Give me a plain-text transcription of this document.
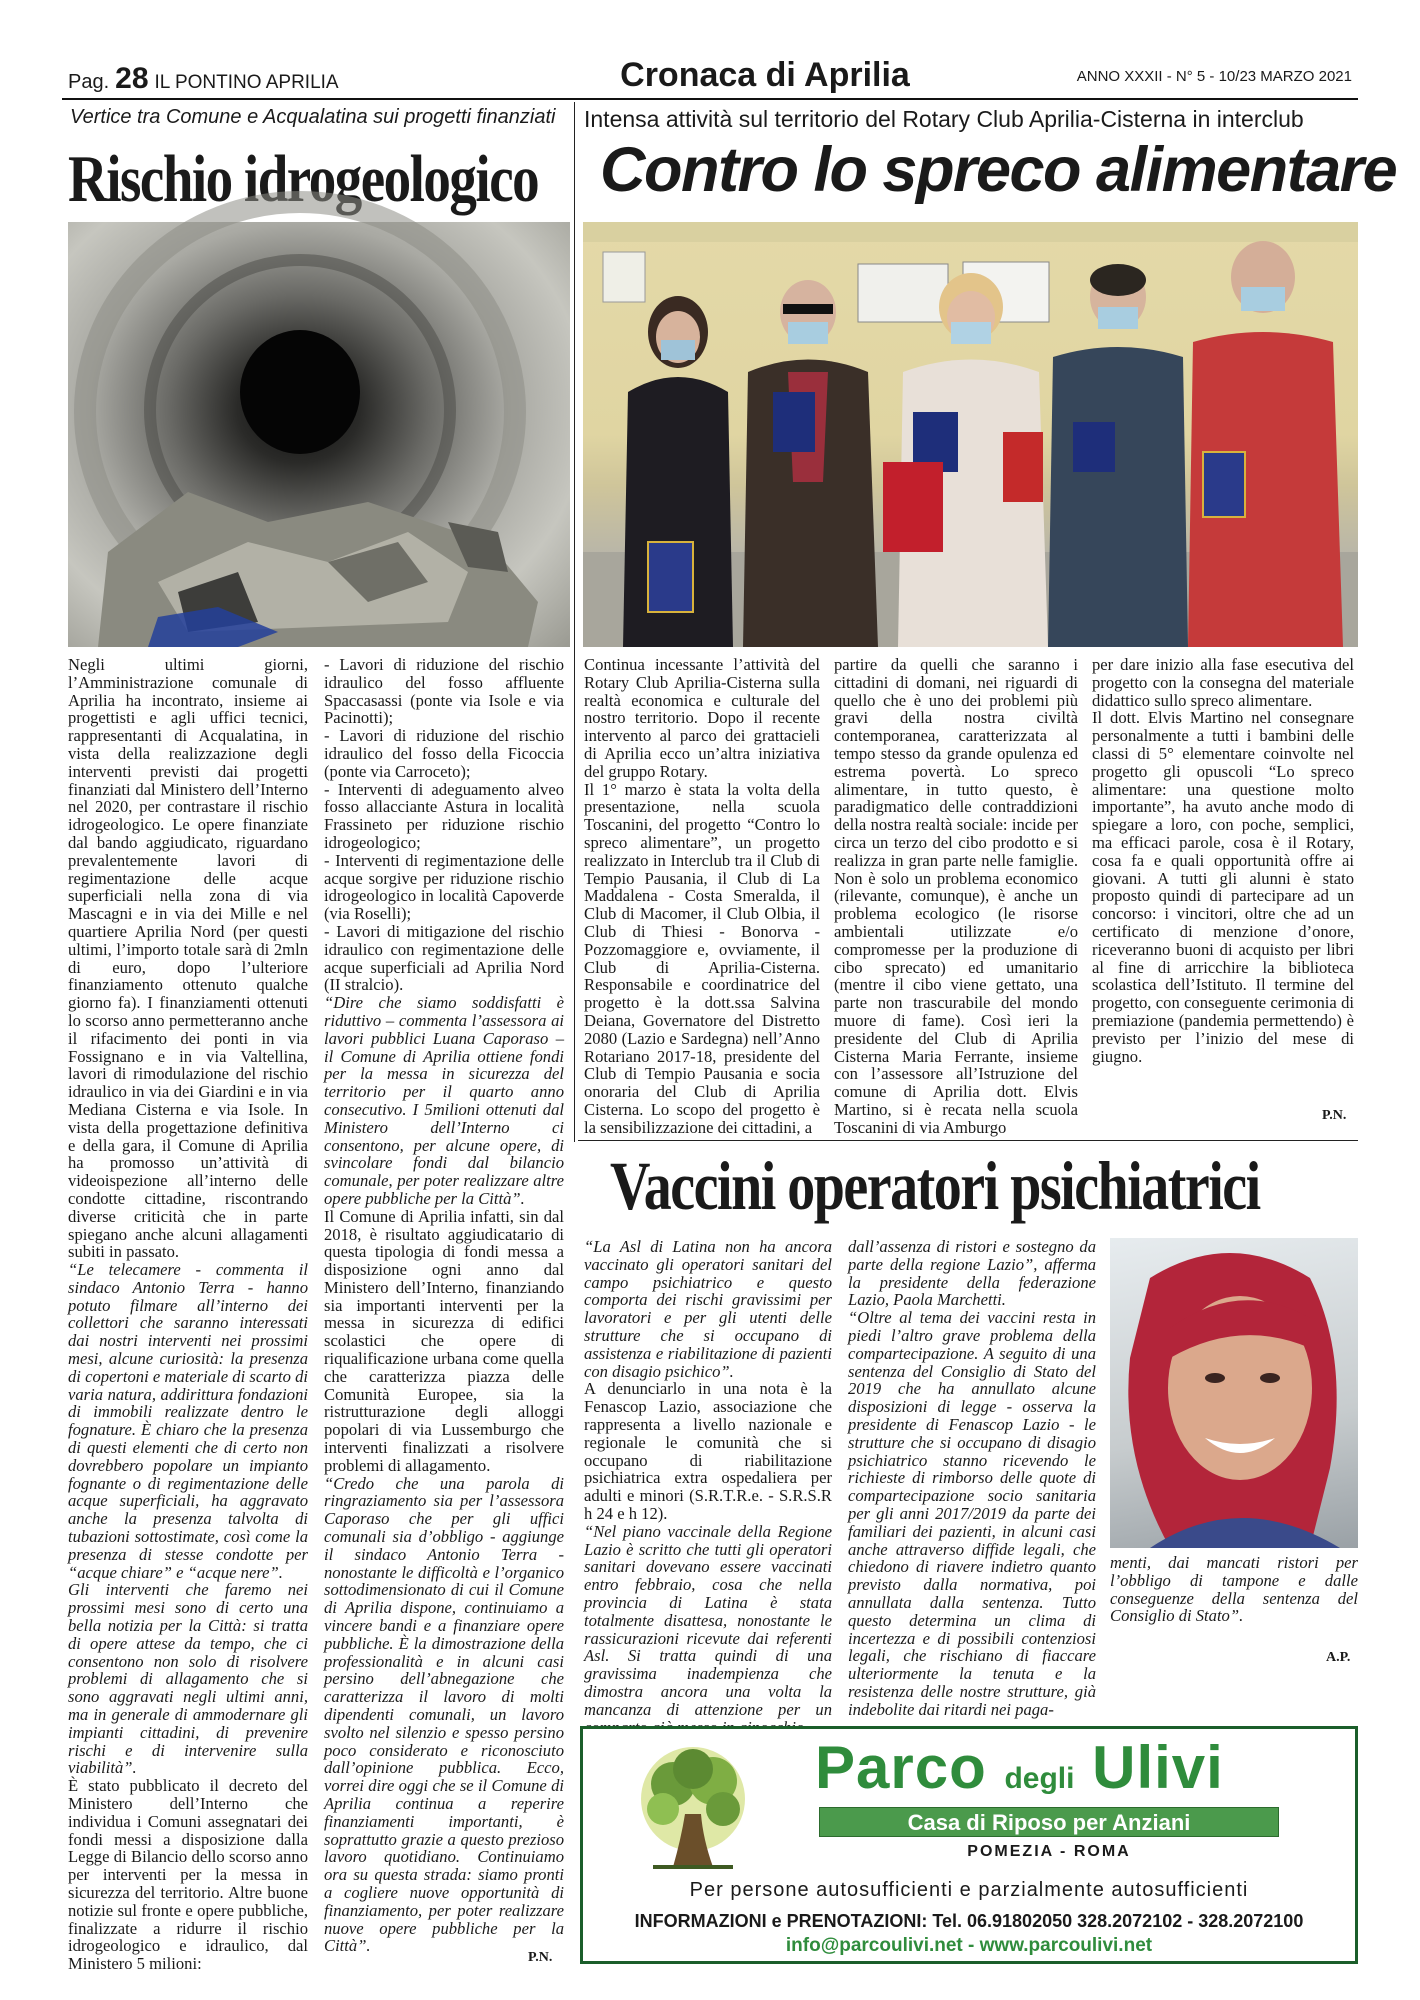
Pag. 28 IL PONTINO APRILIA	Cronaca di Aprilia	ANNO XXXII - N° 5 - 10/23 MARZO 2021
Vertice tra Comune e Acqualatina sui progetti finanziati
Rischio idrogeologico

Negli ultimi giorni, l’Amministrazione comunale di Aprilia ha incontrato, insieme ai progettisti e agli uffici tecnici, rappresentanti di Acqualatina, in vista della realizzazione degli interventi previsti dai progetti finanziati dal Ministero dell’Interno nel 2020, per contrastare il rischio idrogeologico. Le opere finanziate dal bando aggiudicato, riguardano prevalentemente lavori di regimentazione delle acque superficiali nella zona di via Mascagni e in via dei Mille e nel quartiere Aprilia Nord (per questi ultimi, l’importo totale sarà di 2mln di euro, dopo l’ulteriore finanziamento ottenuto qualche giorno fa). I finanziamenti ottenuti lo scorso anno permetteranno anche il rifacimento dei ponti in via Fossignano e in via Valtellina, lavori di rimodulazione del rischio idraulico in via dei Giardini e in via Mediana Cisterna e via Isole. In vista della progettazione definitiva e della gara, il Comune di Aprilia ha promosso un’attività di videoispezione all’interno delle condotte cittadine, riscontrando diverse criticità che in parte spiegano anche alcuni allagamenti subiti in passato.

“Le telecamere - commenta il sindaco Antonio Terra - hanno potuto filmare all’interno dei collettori che saranno interessati dai nostri interventi nei prossimi mesi, alcune curiosità: la presenza di copertoni e materiale di scarto di varia natura, addirittura fondazioni di immobili realizzate dentro le fognature. È chiaro che la presenza di questi elementi che di certo non dovrebbero popolare un impianto fognante o di regimentazione delle acque superficiali, ha aggravato anche la presenza talvolta di tubazioni sottostimate, così come la presenza di stesse condotte per “acque chiare” e “acque nere”.

Gli interventi che faremo nei prossimi mesi sono di certo una bella notizia per la Città: si tratta di opere attese da tempo, che ci consentono non solo di risolvere problemi di allagamento che si sono aggravati negli ultimi anni, ma in generale di ammodernare gli impianti cittadini, di prevenire rischi e di intervenire sulla viabilità”.

È stato pubblicato il decreto del Ministero dell’Interno che individua i Comuni assegnatari dei fondi messi a disposizione dalla Legge di Bilancio dello scorso anno per interventi per la messa in sicurezza del territorio. Altre buone notizie sul fronte e opere pubbliche, finalizzate a ridurre il rischio idrogeologico e idraulico, dal Ministero 5 milioni:

- Lavori di riduzione del rischio idraulico del fosso affluente Spaccasassi (ponte via Isole e via Pacinotti);

- Lavori di riduzione del rischio idraulico del fosso della Ficoccia (ponte via Carroceto);

- Interventi di adeguamento alveo fosso allacciante Astura in località Frassineto per riduzione rischio idrogeologico;

- Interventi di regimentazione delle acque sorgive per riduzione rischio idrogeologico in località Capoverde (via Roselli);

- Lavori di mitigazione del rischio idraulico con regimentazione delle acque superficiali ad Aprilia Nord (II stralcio).

“Dire che siamo soddisfatti è riduttivo – commenta l’assessora ai lavori pubblici Luana Caporaso – il Comune di Aprilia ottiene fondi per la messa in sicurezza del territorio per il quarto anno consecutivo. I 5milioni ottenuti dal Ministero dell’Interno ci consentono, per alcune opere, di svincolare fondi dal bilancio comunale, per poter realizzare altre opere pubbliche per la Città”.

Il Comune di Aprilia infatti, sin dal 2018, è risultato aggiudicatario di questa tipologia di fondi messa a disposizione ogni anno dal Ministero dell’Interno, finanziando sia importanti interventi per la messa in sicurezza di edifici scolastici che opere di riqualificazione urbana come quella che caratterizza piazza delle Comunità Europee, sia la ristrutturazione degli alloggi popolari di via Lussemburgo che interventi finalizzati a risolvere problemi di allagamento.

“Credo che una parola di ringraziamento sia per l’assessora Caporaso che per gli uffici comunali sia d’obbligo - aggiunge il sindaco Antonio Terra - nonostante le difficoltà e l’organico sottodimensionato di cui il Comune di Aprilia dispone, continuiamo a vincere bandi e a finanziare opere pubbliche. È la dimostrazione della professionalità e in alcuni casi persino dell’abnegazione che caratterizza il lavoro di molti dipendenti comunali, un lavoro svolto nel silenzio e spesso persino poco considerato e riconosciuto dall’opinione pubblica. Ecco, vorrei dire oggi che se il Comune di Aprilia continua a reperire finanziamenti importanti, è soprattutto grazie a questo prezioso lavoro quotidiano. Continuiamo ora su questa strada: siamo pronti a cogliere nuove opportunità di finanziamento, per poter realizzare nuove opere pubbliche per la Città”.

P.N.
Intensa attività sul territorio del Rotary Club Aprilia-Cisterna in interclub
Contro lo spreco alimentare

Continua incessante l’attività del Rotary Club Aprilia-Cisterna sulla realtà economica e culturale del nostro territorio. Dopo il recente intervento al parco dei grattacieli di Aprilia ecco un’altra iniziativa del gruppo Rotary.

Il 1° marzo è stata la volta della presentazione, nella scuola Toscanini, del progetto “Contro lo spreco alimentare”, un progetto realizzato in Interclub tra il Club di Tempio Pausania, il Club di La Maddalena - Costa Smeralda, il Club di Macomer, il Club Olbia, il Club di Thiesi - Bonorva - Pozzomaggiore e, ovviamente, il Club di Aprilia-Cisterna. Responsabile e coordinatrice del progetto è la dott.ssa Salvina Deiana, Governatore del Distretto 2080 (Lazio e Sardegna) nell’Anno Rotariano 2017-18, presidente del Club di Tempio Pausania e socia onoraria del Club di Aprilia Cisterna. Lo scopo del progetto è la sensibilizzazione dei cittadini, a

partire da quelli che saranno i cittadini di domani, nei riguardi di quello che è uno dei problemi più gravi della nostra civiltà contemporanea, caratterizzata al tempo stesso da grande opulenza ed estrema povertà. Lo spreco alimentare, in tutto questo, è paradigmatico delle contraddizioni della nostra realtà sociale: incide per circa un terzo del cibo prodotto e si realizza in gran parte nelle famiglie. Non è solo un problema economico (rilevante, comunque), è anche un problema ecologico (le risorse ambientali utilizzate e/o compromesse per la produzione di cibo sprecato) ed umanitario (mentre il cibo viene gettato, una parte non trascurabile del mondo muore di fame). Così ieri la presidente del Club di Aprilia Cisterna Maria Ferrante, insieme con l’assessore all’Istruzione del comune di Aprilia dott. Elvis Martino, si è recata nella scuola Toscanini di via Amburgo

per dare inizio alla fase esecutiva del progetto con la consegna del materiale didattico sullo spreco alimentare.

Il dott. Elvis Martino nel consegnare personalmente a tutti i bambini delle classi di 5° elementare coinvolte nel progetto gli opuscoli “Lo spreco alimentare: una questione molto importante”, ha avuto anche modo di spiegare a loro, con poche, semplici, ma efficaci parole, cosa è il Rotary, cosa fa e quali opportunità offre ai giovani. A tutti gli alunni è stato proposto quindi di partecipare ad un concorso: i vincitori, oltre che ad un certificato di menzione d’onore, riceveranno buoni di acquisto per libri al fine di arricchire la biblioteca scolastica dell’Istituto. Il termine del progetto, con conseguente cerimonia di premiazione (pandemia permettendo) è previsto per l’inizio del mese di giugno.

P.N.
Vaccini operatori psichiatrici

“La Asl di Latina non ha ancora vaccinato gli operatori sanitari del campo psichiatrico e questo comporta dei rischi gravissimi per lavoratori e per gli utenti delle strutture che si occupano di assistenza e riabilitazione di pazienti con disagio psichico”.

A denunciarlo in una nota è la Fenascop Lazio, associazione che rappresenta a livello nazionale e regionale le comunità che si occupano di riabilitazione psichiatrica extra ospedaliera per adulti e minori (S.R.T.R.e. - S.R.S.R h 24 e h 12).

“Nel piano vaccinale della Regione Lazio è scritto che tutti gli operatori sanitari dovevano essere vaccinati entro febbraio, cosa che nella provincia di Latina è stata totalmente disattesa, nonostante le rassicurazioni ricevute dai referenti Asl. Si tratta quindi di una gravissima inadempienza che dimostra ancora una volta la mancanza di attenzione per un

dall’assenza di ristori e sostegno da parte della regione Lazio”, afferma la presidente della federazione Lazio, Paola Marchetti.

“Oltre al tema dei vaccini resta in piedi l’altro grave problema della compartecipazione. A seguito di una sentenza del Consiglio di Stato del 2019 che ha annullato alcune disposizioni di legge - osserva la presidente di Fenascop Lazio - le strutture che si occupano di disagio psichiatrico stanno ricevendo le richieste di rimborso delle quote di compartecipazione socio sanitaria per gli anni 2017/2019 da parte dei familiari dei pazienti, in alcuni casi anche attraverso diffide legali, che chiedono di riavere indietro quanto previsto dalla normativa, poi annullata dalla sentenza. Tutto questo determina un clima di incertezza e di possibili contenziosi legali, che rischiano di fiaccare ulteriormente la tenuta e la resistenza delle nostre strutture, già indebolite dai ritardi nei paga-

menti, dai mancati ristori per l’obbligo di tampone e dalle conseguenze della sentenza del Consiglio di Stato”.

A.P.
Parco degli Ulivi
Casa di Riposo per Anziani
POMEZIA - ROMA
Per persone autosufficienti e parzialmente autosufficienti
INFORMAZIONI e PRENOTAZIONI: Tel. 06.91802050 328.2072102 - 328.2072100
info@parcoulivi.net - www.parcoulivi.net
